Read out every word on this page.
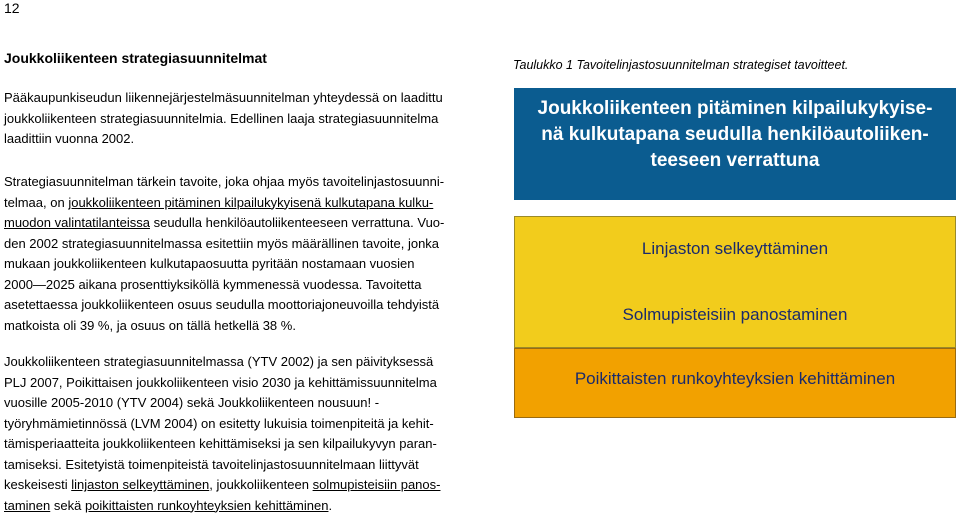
12
Joukkoliikenteen strategiasuunnitelmat

Pääkaupunkiseudun liikennejärjestelmäsuunnitelman yhteydessä on laadittu
joukkoliikenteen strategiasuunnitelmia. Edellinen laaja strategiasuunnitelma
laadittiin vuonna 2002.

Strategiasuunnitelman tärkein tavoite, joka ohjaa myös tavoitelinjastosuunni-
telmaa, on joukkoliikenteen pitäminen kilpailukykyisenä kulkutapana kulku-
muodon valintatilanteissa seudulla henkilöautoliikenteeseen verrattuna. Vuo-
den 2002 strategiasuunnitelmassa esitettiin myös määrällinen tavoite, jonka
mukaan joukkoliikenteen kulkutapaosuutta pyritään nostamaan vuosien
2000—2025 aikana prosenttiyksiköllä kymmenessä vuodessa. Tavoitetta
asetettaessa joukkoliikenteen osuus seudulla moottoriajoneuvoilla tehdyistä
matkoista oli 39 %, ja osuus on tällä hetkellä 38 %.

Joukkoliikenteen strategiasuunnitelmassa (YTV 2002) ja sen päivityksessä
PLJ 2007, Poikittaisen joukkoliikenteen visio 2030 ja kehittämissuunnitelma
vuosille 2005-2010 (YTV 2004) sekä Joukkoliikenteen nousuun! -
työryhmämietinnössä (LVM 2004) on esitetty lukuisia toimenpiteitä ja kehit-
tämisperiaatteita joukkoliikenteen kehittämiseksi ja sen kilpailukyvyn paran-
tamiseksi. Esitetyistä toimenpiteistä tavoitelinjastosuunnitelmaan liittyvät
keskeisesti linjaston selkeyttäminen, joukkoliikenteen solmupisteisiin panos-
taminen sekä poikittaisten runkoyhteyksien kehittäminen.

Taulukko 1 Tavoitelinjastosuunnitelman strategiset tavoitteet.
Joukkoliikenteen pitäminen kilpailukykyise-
nä kulkutapana seudulla henkilöautoliiken-
teeseen verrattuna
Linjaston selkeyttäminen
Solmupisteisiin panostaminen
Poikittaisten runkoyhteyksien kehittäminen
